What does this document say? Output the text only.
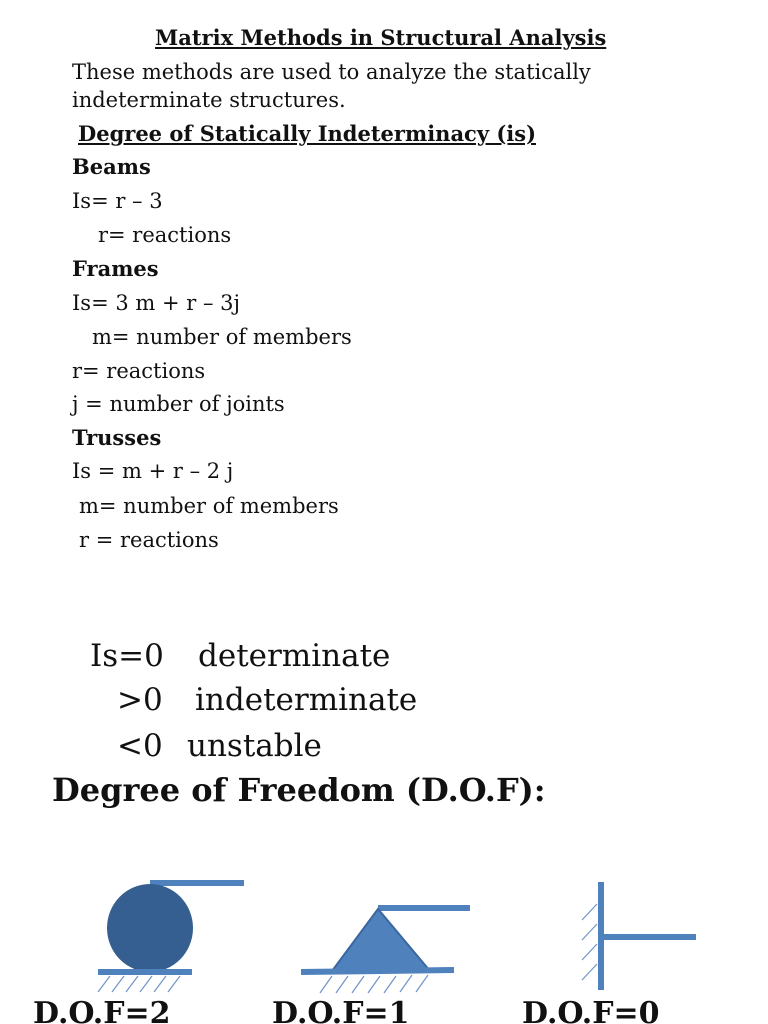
Matrix Methods in Structural Analysis
These methods are used to analyze the statically
indeterminate structures.
Degree of Statically Indeterminacy (is)
Beams
Is= r – 3
r= reactions
Frames
Is= 3 m + r – 3j
m= number of members
r= reactions
j = number of joints
Trusses
Is = m + r – 2 j
m= number of members
r = reactions
Is=0 determinate
>0 indeterminate
<0 unstable
Degree of Freedom (D.O.F):
D.O.F=2	D.O.F=1	D.O.F=0
